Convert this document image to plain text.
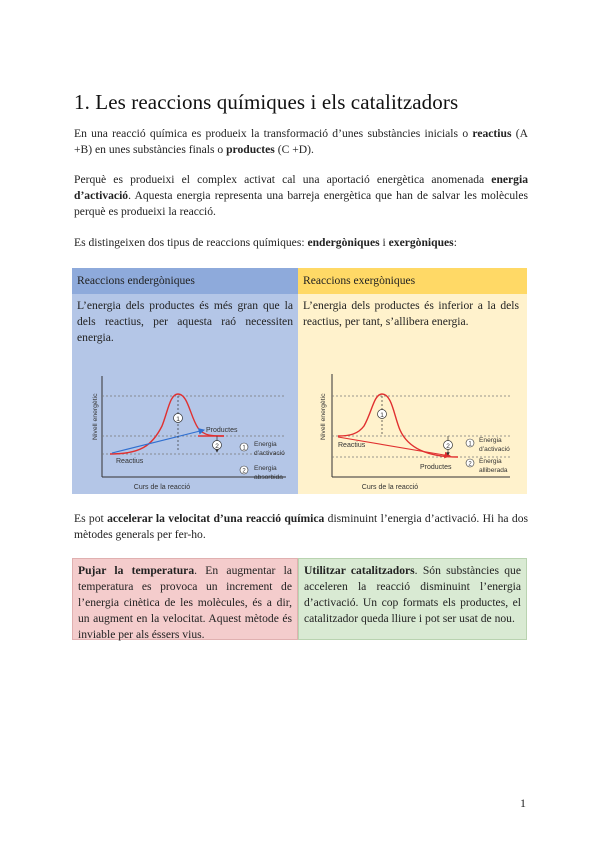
1. Les reaccions químiques i els catalitzadors

En una reacció química es produeix la transformació d’unes substàncies inicials o reactius (A +B) en unes substàncies finals o productes (C +D).

Perquè es produeixi el complex activat cal una aportació energètica anomenada energia d’activació. Aquesta energia representa una barreja energètica que han de salvar les molècules perquè es produeixi la reacció.

Es distingeixen dos tipus de reaccions químiques: endergòniques i exergòniques:

Reaccions endergòniques	Reaccions exergòniques
L’energia dels productes és més gran que la dels reactius, per aquesta raó necessiten energia.
1
2
Reactius
Productes
Curs de la reacció
Nivell energètic
1
Energia
d’activació
2 Energia
absorbida
L’energia dels productes és inferior a la dels reactius, per tant, s’allibera energia.
1
2
Reactius
Productes
Curs de la reacció
Nivell energètic
1
Energia
d’activació
2 Energia
alliberada

Es pot accelerar la velocitat d’una reacció química disminuint l’energia d’activació. Hi ha dos mètodes generals per fer-ho.

Pujar la temperatura. En augmentar la temperatura es provoca un increment de l’energia cinètica de les molècules, és a dir, un augment en la velocitat. Aquest mètode és inviable per als éssers vius.
Utilitzar catalitzadors. Són substàncies que acceleren la reacció disminuint l’energia d’activació. Un cop formats els productes, el catalitzador queda lliure i pot ser usat de nou.
1
